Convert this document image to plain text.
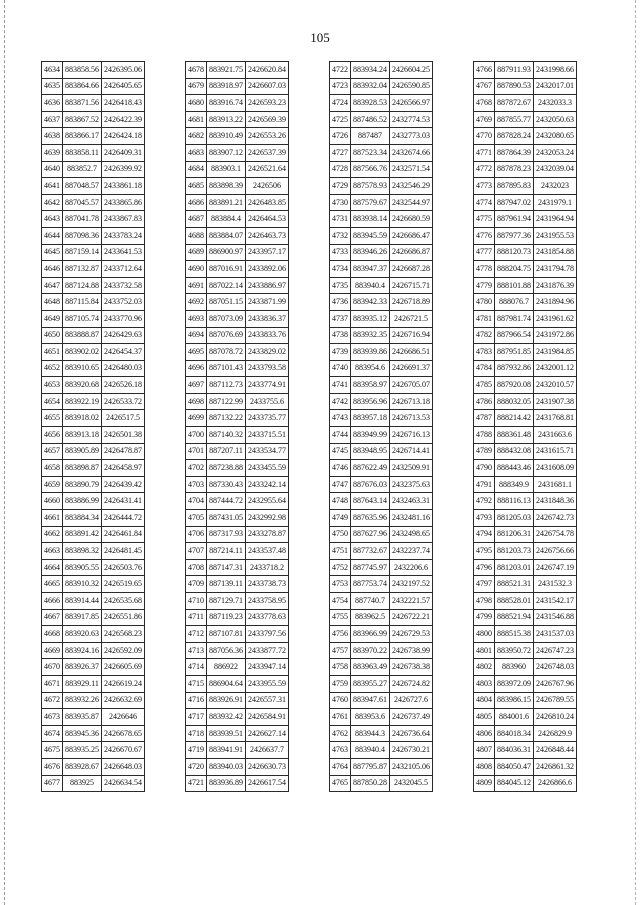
105
4634	883858.56	2426395.06
4635	883864.66	2426405.65
4636	883871.56	2426418.43
4637	883867.52	2426422.39
4638	883866.17	2426424.18
4639	883858.11	2426409.31
4640	883852.7	2426399.92
4641	887048.57	2433861.18
4642	887045.57	2433865.86
4643	887041.78	2433867.83
4644	887098.36	2433783.24
4645	887159.14	2433641.53
4646	887132.87	2433712.64
4647	887124.88	2433732.58
4648	887115.84	2433752.03
4649	887105.74	2433770.96
4650	883888.87	2426429.63
4651	883902.02	2426454.37
4652	883910.65	2426480.03
4653	883920.68	2426526.18
4654	883922.19	2426533.72
4655	883918.02	2426517.5
4656	883913.18	2426501.38
4657	883905.89	2426478.87
4658	883898.87	2426458.97
4659	883890.79	2426439.42
4660	883886.99	2426431.41
4661	883884.34	2426444.72
4662	883891.42	2426461.84
4663	883898.32	2426481.45
4664	883905.55	2426503.76
4665	883910.32	2426519.65
4666	883914.44	2426535.68
4667	883917.85	2426551.86
4668	883920.63	2426568.23
4669	883924.16	2426592.09
4670	883926.37	2426605.69
4671	883929.11	2426619.24
4672	883932.26	2426632.69
4673	883935.87	2426646
4674	883945.36	2426678.65
4675	883935.25	2426670.67
4676	883928.67	2426648.03
4677	883925	2426634.54
4678	883921.75	2426620.84
4679	883918.97	2426607.03
4680	883916.74	2426593.23
4681	883913.22	2426569.39
4682	883910.49	2426553.26
4683	883907.12	2426537.39
4684	883903.1	2426521.64
4685	883898.39	2426506
4686	883891.21	2426483.85
4687	883884.4	2426464.53
4688	883884.07	2426463.73
4689	886900.97	2433957.17
4690	887016.91	2433892.06
4691	887022.14	2433886.97
4692	887051.15	2433871.99
4693	887073.09	2433836.37
4694	887076.69	2433833.76
4695	887078.72	2433829.02
4696	887101.43	2433793.58
4697	887112.73	2433774.91
4698	887122.99	2433755.6
4699	887132.22	2433735.77
4700	887140.32	2433715.51
4701	887207.11	2433534.77
4702	887238.88	2433455.59
4703	887330.43	2433242.14
4704	887444.72	2432955.64
4705	887431.05	2432992.98
4706	887317.93	2433278.87
4707	887214.11	2433537.48
4708	887147.31	2433718.2
4709	887139.11	2433738.73
4710	887129.71	2433758.95
4711	887119.23	2433778.63
4712	887107.81	2433797.56
4713	887056.36	2433877.72
4714	886922	2433947.14
4715	886904.64	2433955.59
4716	883926.91	2426557.31
4717	883932.42	2426584.91
4718	883939.51	2426627.14
4719	883941.91	2426637.7
4720	883940.03	2426630.73
4721	883936.89	2426617.54
4722	883934.24	2426604.25
4723	883932.04	2426590.85
4724	883928.53	2426566.97
4725	887486.52	2432774.53
4726	887487	2432773.03
4727	887523.34	2432674.66
4728	887566.76	2432571.54
4729	887578.93	2432546.29
4730	887579.67	2432544.97
4731	883938.14	2426680.59
4732	883945.59	2426686.47
4733	883946.26	2426686.87
4734	883947.37	2426687.28
4735	883940.4	2426715.71
4736	883942.33	2426718.89
4737	883935.12	2426721.5
4738	883932.35	2426716.94
4739	883939.86	2426686.51
4740	883954.6	2426691.37
4741	883958.97	2426705.07
4742	883956.96	2426713.18
4743	883957.18	2426713.53
4744	883949.99	2426716.13
4745	883948.95	2426714.41
4746	887622.49	2432509.91
4747	887676.03	2432375.63
4748	887643.14	2432463.31
4749	887635.96	2432481.16
4750	887627.96	2432498.65
4751	887732.67	2432237.74
4752	887745.97	2432206.6
4753	887753.74	2432197.52
4754	887740.7	2432221.57
4755	883962.5	2426722.21
4756	883966.99	2426729.53
4757	883970.22	2426738.99
4758	883963.49	2426738.38
4759	883955.27	2426724.82
4760	883947.61	2426727.6
4761	883953.6	2426737.49
4762	883944.3	2426736.64
4763	883940.4	2426730.21
4764	887795.87	2432105.06
4765	887850.28	2432045.5
4766	887911.93	2431998.66
4767	887890.53	2432017.01
4768	887872.67	2432033.3
4769	887855.77	2432050.63
4770	887828.24	2432080.65
4771	887864.39	2432053.24
4772	887878.23	2432039.04
4773	887895.83	2432023
4774	887947.02	2431979.1
4775	887961.94	2431964.94
4776	887977.36	2431955.53
4777	888120.73	2431854.88
4778	888204.75	2431794.78
4779	888101.88	2431876.39
4780	888076.7	2431894.96
4781	887981.74	2431961.62
4782	887966.54	2431972.86
4783	887951.85	2431984.85
4784	887932.86	2432001.12
4785	887920.08	2432010.57
4786	888032.05	2431907.38
4787	888214.42	2431768.81
4788	888361.48	2431663.6
4789	888432.08	2431615.71
4790	888443.46	2431608.09
4791	888349.9	2431681.1
4792	888116.13	2431848.36
4793	881205.03	2426742.73
4794	881206.31	2426754.78
4795	881203.73	2426756.66
4796	881203.01	2426747.19
4797	888521.31	2431532.3
4798	888528.01	2431542.17
4799	888521.94	2431546.88
4800	888515.38	2431537.03
4801	883950.72	2426747.23
4802	883960	2426748.03
4803	883972.09	2426767.96
4804	883986.15	2426789.55
4805	884001.6	2426810.24
4806	884018.34	2426829.9
4807	884036.31	2426848.44
4808	884050.47	2426861.32
4809	884045.12	2426866.6
